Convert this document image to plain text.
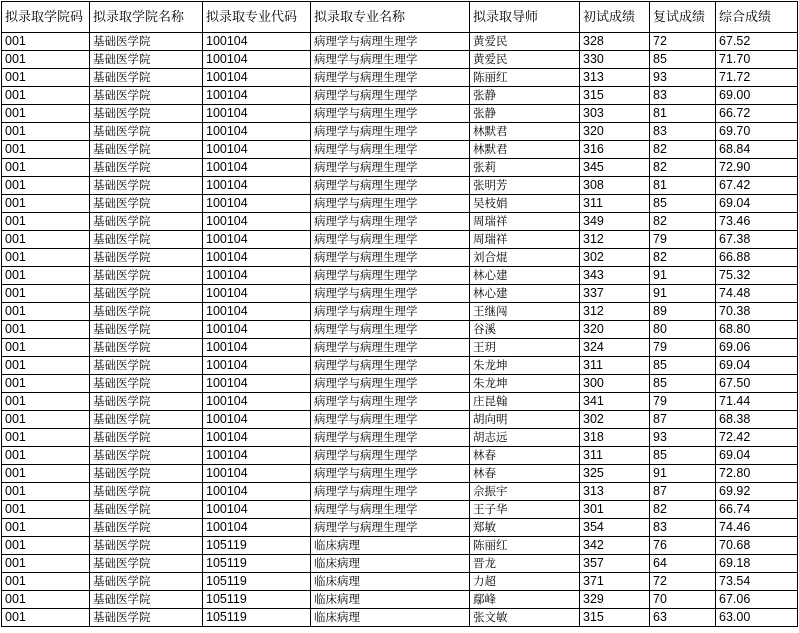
拟录取学院码	拟录取学院名称	拟录取专业代码	拟录取专业名称	拟录取导师	初试成绩	复试成绩	综合成绩
001	基础医学院	100104	病理学与病理生理学	黄爱民	328	72	67.52
001	基础医学院	100104	病理学与病理生理学	黄爱民	330	85	71.70
001	基础医学院	100104	病理学与病理生理学	陈丽红	313	93	71.72
001	基础医学院	100104	病理学与病理生理学	张静	315	83	69.00
001	基础医学院	100104	病理学与病理生理学	张静	303	81	66.72
001	基础医学院	100104	病理学与病理生理学	林默君	320	83	69.70
001	基础医学院	100104	病理学与病理生理学	林默君	316	82	68.84
001	基础医学院	100104	病理学与病理生理学	张莉	345	82	72.90
001	基础医学院	100104	病理学与病理生理学	张明芳	308	81	67.42
001	基础医学院	100104	病理学与病理生理学	吴枝娟	311	85	69.04
001	基础医学院	100104	病理学与病理生理学	周瑞祥	349	82	73.46
001	基础医学院	100104	病理学与病理生理学	周瑞祥	312	79	67.38
001	基础医学院	100104	病理学与病理生理学	刘合焜	302	82	66.88
001	基础医学院	100104	病理学与病理生理学	林心建	343	91	75.32
001	基础医学院	100104	病理学与病理生理学	林心建	337	91	74.48
001	基础医学院	100104	病理学与病理生理学	王继闯	312	89	70.38
001	基础医学院	100104	病理学与病理生理学	谷溪	320	80	68.80
001	基础医学院	100104	病理学与病理生理学	王玥	324	79	69.06
001	基础医学院	100104	病理学与病理生理学	朱龙坤	311	85	69.04
001	基础医学院	100104	病理学与病理生理学	朱龙坤	300	85	67.50
001	基础医学院	100104	病理学与病理生理学	庄昆翰	341	79	71.44
001	基础医学院	100104	病理学与病理生理学	胡向明	302	87	68.38
001	基础医学院	100104	病理学与病理生理学	胡志远	318	93	72.42
001	基础医学院	100104	病理学与病理生理学	林春	311	85	69.04
001	基础医学院	100104	病理学与病理生理学	林春	325	91	72.80
001	基础医学院	100104	病理学与病理生理学	佘振宇	313	87	69.92
001	基础医学院	100104	病理学与病理生理学	王子华	301	82	66.74
001	基础医学院	100104	病理学与病理生理学	郑敏	354	83	74.46
001	基础医学院	105119	临床病理	陈丽红	342	76	70.68
001	基础医学院	105119	临床病理	晋龙	357	64	69.18
001	基础医学院	105119	临床病理	力超	371	72	73.54
001	基础医学院	105119	临床病理	鄢峰	329	70	67.06
001	基础医学院	105119	临床病理	张文敏	315	63	63.00
